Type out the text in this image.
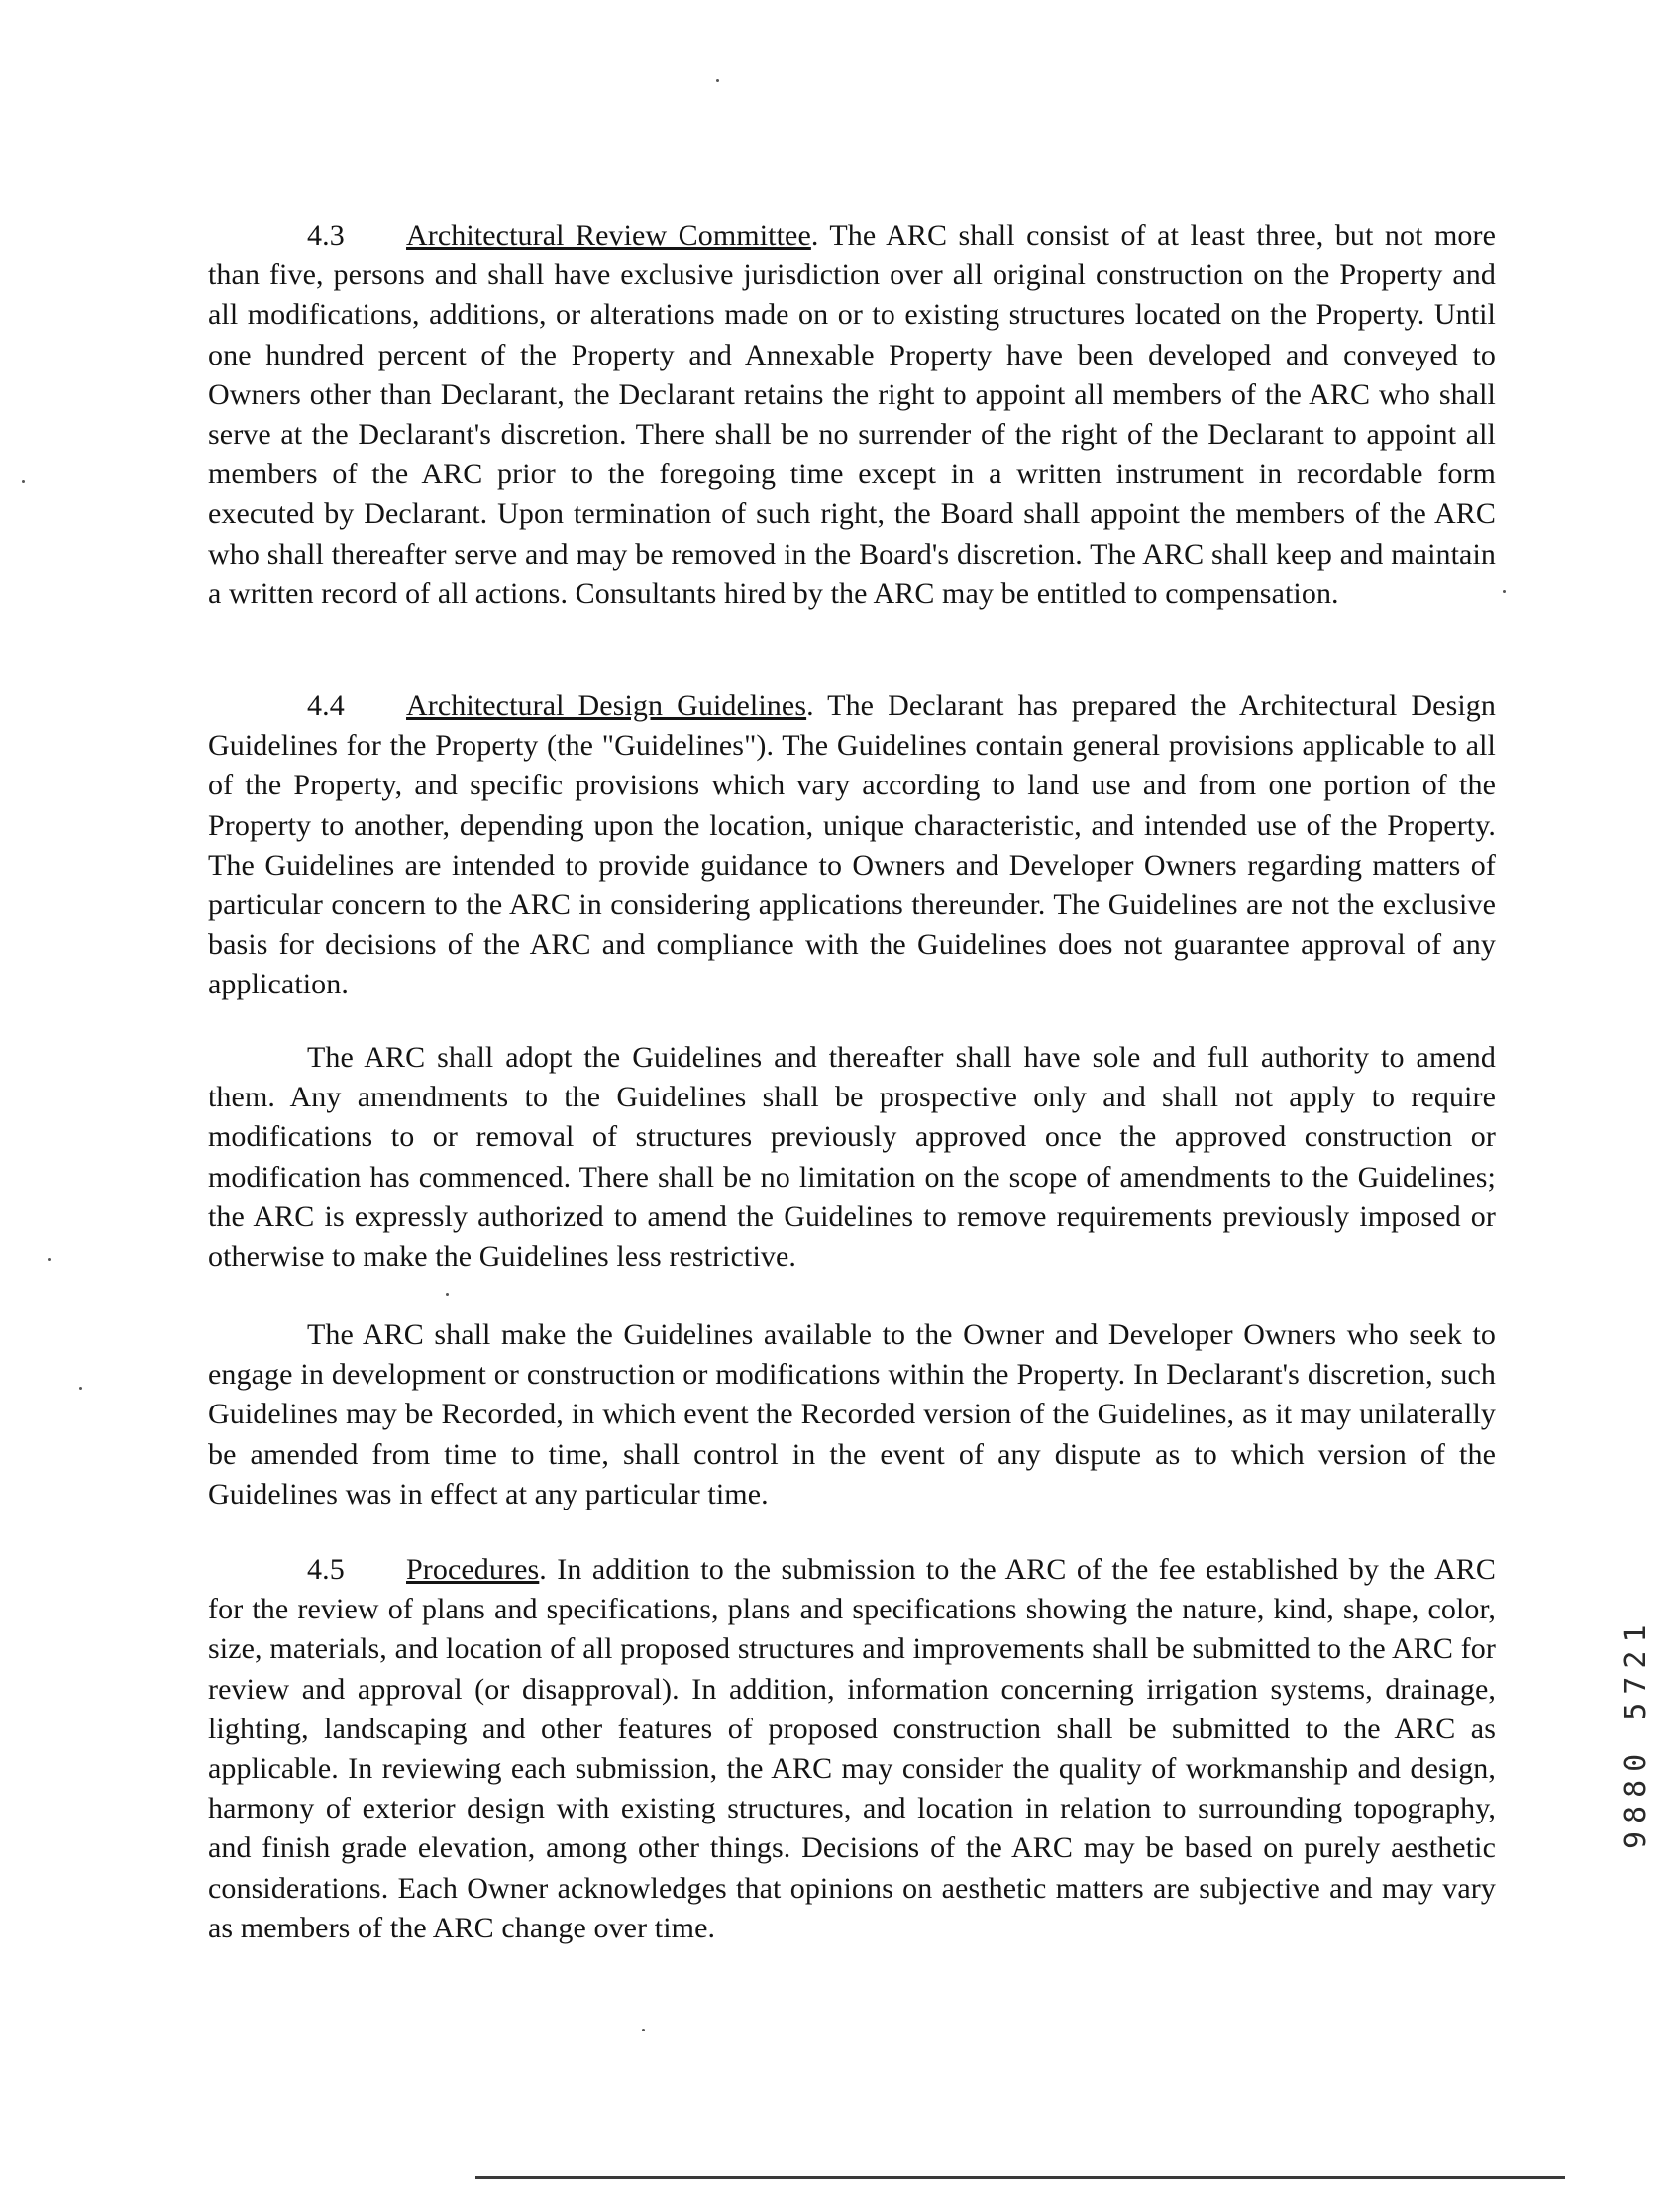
4.3 Architectural Review Committee. The ARC shall consist of at least three, but not more than five, persons and shall have exclusive jurisdiction over all original construction on the Property and all modifications, additions, or alterations made on or to existing structures located on the Property. Until one hundred percent of the Property and Annexable Property have been developed and conveyed to Owners other than Declarant, the Declarant retains the right to appoint all members of the ARC who shall serve at the Declarant's discretion. There shall be no surrender of the right of the Declarant to appoint all members of the ARC prior to the foregoing time except in a written instrument in recordable form executed by Declarant. Upon termination of such right, the Board shall appoint the members of the ARC who shall thereafter serve and may be removed in the Board's discretion. The ARC shall keep and maintain a written record of all actions. Consultants hired by the ARC may be entitled to compensation.

4.4 Architectural Design Guidelines. The Declarant has prepared the Architectural Design Guidelines for the Property (the "Guidelines"). The Guidelines contain general provisions applicable to all of the Property, and specific provisions which vary according to land use and from one portion of the Property to another, depending upon the location, unique characteristic, and intended use of the Property. The Guidelines are intended to provide guidance to Owners and Developer Owners regarding matters of particular concern to the ARC in considering applications thereunder. The Guidelines are not the exclusive basis for decisions of the ARC and compliance with the Guidelines does not guarantee approval of any application.

The ARC shall adopt the Guidelines and thereafter shall have sole and full authority to amend them. Any amendments to the Guidelines shall be prospective only and shall not apply to require modifications to or removal of structures previously approved once the approved construction or modification has commenced. There shall be no limitation on the scope of amendments to the Guidelines; the ARC is expressly authorized to amend the Guidelines to remove requirements previously imposed or otherwise to make the Guidelines less restrictive.

The ARC shall make the Guidelines available to the Owner and Developer Owners who seek to engage in development or construction or modifications within the Property. In Declarant's discretion, such Guidelines may be Recorded, in which event the Recorded version of the Guidelines, as it may unilaterally be amended from time to time, shall control in the event of any dispute as to which version of the Guidelines was in effect at any particular time.

4.5 Procedures. In addition to the submission to the ARC of the fee established by the ARC for the review of plans and specifications, plans and specifications showing the nature, kind, shape, color, size, materials, and location of all proposed structures and improvements shall be submitted to the ARC for review and approval (or disapproval). In addition, information concerning irrigation systems, drainage, lighting, landscaping and other features of proposed construction shall be submitted to the ARC as applicable. In reviewing each submission, the ARC may consider the quality of workmanship and design, harmony of exterior design with existing structures, and location in relation to surrounding topography, and finish grade elevation, among other things. Decisions of the ARC may be based on purely aesthetic considerations. Each Owner acknowledges that opinions on aesthetic matters are subjective and may vary as members of the ARC change over time.

9880 5721
